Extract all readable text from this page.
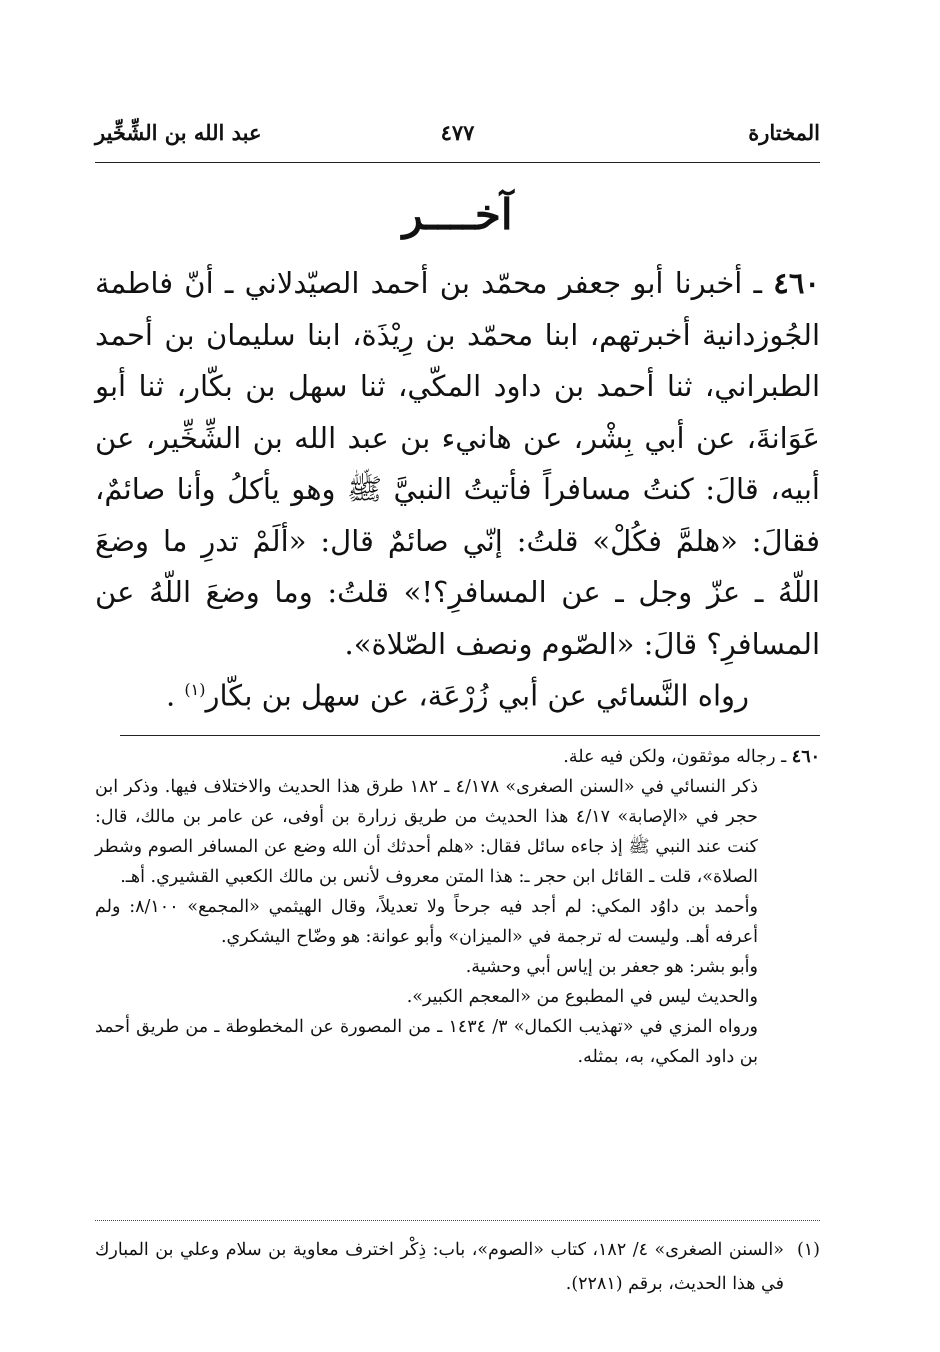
المختارة
٤٧٧
عبد الله بن الشِّخِّير
آخــــر
٤٦٠ ـ أخبرنا أبو جعفر محمّد بن أحمد الصيّدلاني ـ أنّ فاطمة الجُوزدانية أخبرتهم، ابنا محمّد بن رِيْذَة، ابنا سليمان بن أحمد الطبراني، ثنا أحمد بن داود المكّي، ثنا سهل بن بكّار، ثنا أبو عَوَانةَ، عن أبي بِشْر، عن هانيء بن عبد الله بن الشِّخِّير، عن أبيه، قالَ: كنتُ مسافراً فأتيتُ النبيَّ ﷺ وهو يأكلُ وأنا صائمٌ، فقالَ: «هلمَّ فكُلْ» قلتُ: إنّي صائمٌ قال: «ألَمْ تدرِ ما وضعَ اللّهُ ـ عزّ وجل ـ عن المسافرِ؟!» قلتُ: وما وضعَ اللّهُ عن المسافرِ؟ قالَ: «الصّوم ونصف الصّلاة».
رواه النَّسائي عن أبي زُرْعَة، عن سهل بن بكّار$^{(١)}$ .

٤٦٠ ـ رجاله موثقون، ولكن فيه علة.

ذكر النسائي في «السنن الصغرى» ٤/١٧٨ ـ ١٨٢ طرق هذا الحديث والاختلاف فيها. وذكر ابن حجر في «الإصابة» ٤/١٧ هذا الحديث من طريق زرارة بن أوفى، عن عامر بن مالك، قال: كنت عند النبي ﷺ إذ جاءه سائل فقال: «هلم أحدثك أن الله وضع عن المسافر الصوم وشطر الصلاة»، قلت ـ القائل ابن حجر ـ: هذا المتن معروف لأنس بن مالك الكعبي القشيري. أهـ.

وأحمد بن داوُد المكي: لم أجد فيه جرحاً ولا تعديلاً، وقال الهيثمي «المجمع» ٨/١٠٠: ولم أعرفه أهـ. وليست له ترجمة في «الميزان» وأبو عوانة: هو وضّاح اليشكري.

وأبو بشر: هو جعفر بن إياس أبي وحشية.

والحديث ليس في المطبوع من «المعجم الكبير».

ورواه المزي في «تهذيب الكمال» ٣/ ١٤٣٤ ـ من المصورة عن المخطوطة ـ من طريق أحمد بن داود المكي، به، بمثله.

(١)
«السنن الصغرى» ٤/ ١٨٢، كتاب «الصوم»، باب: ذِكْر اخترف معاوية بن سلام وعلي بن المبارك في هذا الحديث، برقم (٢٢٨١).
